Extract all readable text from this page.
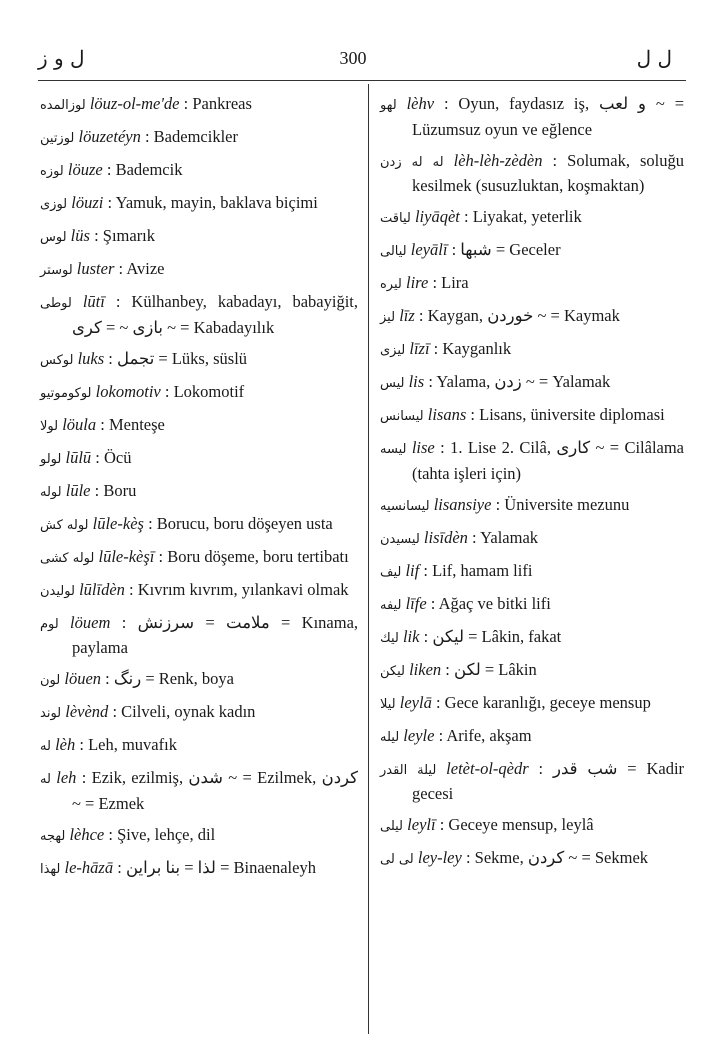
ل و ز	300	ل ل
لوزالمده löuz-ol-me'de : Pankreas
لوزتين löuzetéyn : Bademcikler
لوزه löuze : Bademcik
لوزى löuzi : Yamuk, mayin, baklava biçimi
لوس lüs : Şımarık
لوستر luster : Avize
لوطى lūtī : Külhanbey, kabadayı, babayiğit, بازى ~ = كرى ~ = Kabadayılık
لوكس luks : تجمل = Lüks, süslü
لوكوموتيو lokomotiv : Lokomotif
لولا löula : Menteşe
لولو lūlū : Öcü
لوله lūle : Boru
لوله كش lūle-kèş : Borucu, boru döşeyen usta
لوله كشى lūle-kèşī : Boru döşeme, boru tertibatı
لوليدن lūlīdèn : Kıvrım kıvrım, yılankavi olmak
لوم löuem : ملامت = سرزنش = Kınama, paylama
لون löuen : رنگ = Renk, boya
لوند lèvènd : Cilveli, oynak kadın
له lèh : Leh, muvafık
له leh : Ezik, ezilmiş, شدن ~ = Ezilmek, كردن ~ = Ezmek
لهجه lèhce : Şive, lehçe, dil
لهذا le-hāzā : لذا = بنا براين = Binaenaleyh
لهو lèhv : Oyun, faydasız iş, و لعب ~ = Lüzumsuz oyun ve eğlence
له له زدن lèh-lèh-zèdèn : Solumak, soluğu kesilmek (susuzluktan, koşmaktan)
لياقت liyāqèt : Liyakat, yeterlik
ليالى leyālī : شبها = Geceler
ليره lire : Lira
ليز līz : Kaygan, خوردن ~ = Kaymak
ليزى līzī : Kayganlık
ليس lis : Yalama, زدن ~ = Yalamak
ليسانس lisans : Lisans, üniversite diplomasi
ليسه lise : 1. Lise 2. Cilâ, كارى ~ = Cilâlama (tahta işleri için)
ليسانسيه lisansiye : Üniversite mezunu
ليسيدن lisīdèn : Yalamak
ليف lif : Lif, hamam lifi
ليفه līfe : Ağaç ve bitki lifi
ليك lik : ليكن = Lâkin, fakat
ليكن liken : لكن = Lâkin
ليلا leylā : Gece karanlığı, geceye mensup
ليله leyle : Arife, akşam
ليلة القدر letèt-ol-qèdr : شب قدر = Kadir gecesi
ليلى leylī : Geceye mensup, leylâ
لى لى ley-ley : Sekme, كردن ~ = Sekmek
